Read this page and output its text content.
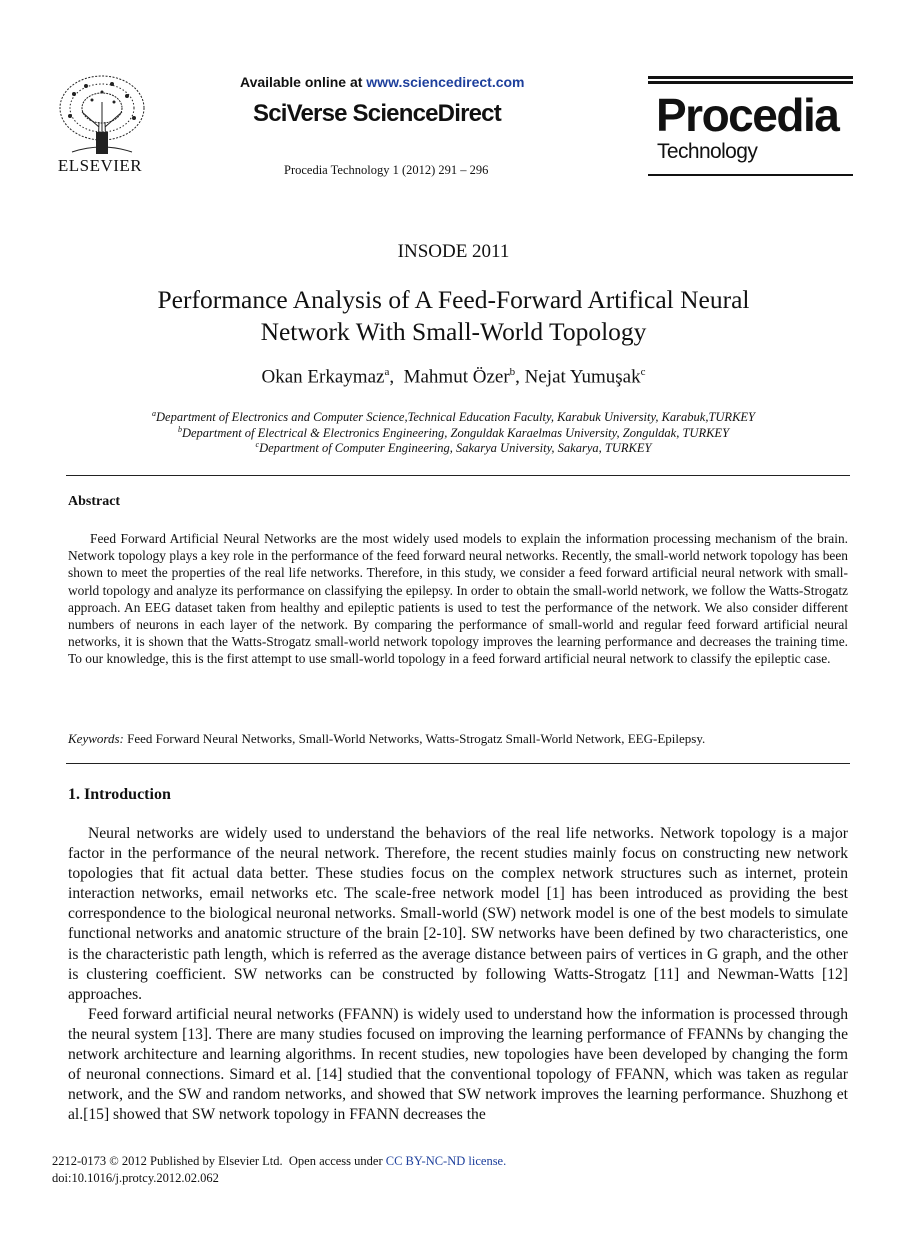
ELSEVIER
Available online at www.sciencedirect.com
SciVerse ScienceDirect
Procedia Technology 1 (2012) 291 – 296
Procedia
Technology
INSODE 2011
Performance Analysis of A Feed-Forward Artifical Neural
Network With Small-World Topology
Okan Erkaymaz$^a$,  Mahmut Özer$^b$, Nejat Yumuşak$^c$
$^a$Department of Electronics and Computer Science,Technical Education Faculty, Karabuk University, Karabuk,TURKEY
$^b$Department of Electrical & Electronics Engineering, Zonguldak Karaelmas University, Zonguldak, TURKEY
$^c$Department of Computer Engineering, Sakarya University, Sakarya, TURKEY
Abstract
Feed Forward Artificial Neural Networks are the most widely used models to explain the information processing mechanism of the brain. Network topology plays a key role in the performance of the feed forward neural networks. Recently, the small-world network topology has been shown to meet the properties of the real life networks. Therefore, in this study, we consider a feed forward artificial neural network with small-world topology and analyze its performance on classifying the epilepsy. In order to obtain the small-world network, we follow the Watts-Strogatz approach. An EEG dataset taken from healthy and epileptic patients is used to test the performance of the network. We also consider different numbers of neurons in each layer of the network. By comparing the performance of small-world and regular feed forward artificial neural networks, it is shown that the Watts-Strogatz small-world network topology improves the learning performance and decreases the training time. To our knowledge, this is the first attempt to use small-world topology in a feed forward artificial neural network to classify the epileptic case.
Keywords: Feed Forward Neural Networks, Small-World Networks, Watts-Strogatz Small-World Network, EEG-Epilepsy.
1. Introduction

Neural networks are widely used to understand the behaviors of the real life networks. Network topology is a major factor in the performance of the neural network. Therefore, the recent studies mainly focus on constructing new network topologies that fit actual data better. These studies focus on the complex network structures such as internet, protein interaction networks, email networks etc. The scale-free network model [1] has been introduced as providing the best correspondence to the biological neuronal networks. Small-world (SW) network model is one of the best models to simulate functional networks and anatomic structure of the brain [2-10]. SW networks have been defined by two characteristics, one is the characteristic path length, which is referred as the average distance between pairs of vertices in G graph, and the other is clustering coefficient. SW networks can be constructed by following Watts-Strogatz [11] and Newman-Watts [12] approaches.

Feed forward artificial neural networks (FFANN) is widely used to understand how the information is processed through the neural system [13]. There are many studies focused on improving the learning performance of FFANNs by changing the network architecture and learning algorithms. In recent studies, new topologies have been developed by changing the form of neuronal connections. Simard et al. [14] studied that the conventional topology of FFANN, which was taken as regular network, and the SW and random networks, and showed that SW network improves the learning performance. Shuzhong et al.[15] showed that SW network topology in FFANN decreases the

2212-0173 © 2012 Published by Elsevier Ltd.  Open access under CC BY-NC-ND license.
doi:10.1016/j.protcy.2012.02.062
